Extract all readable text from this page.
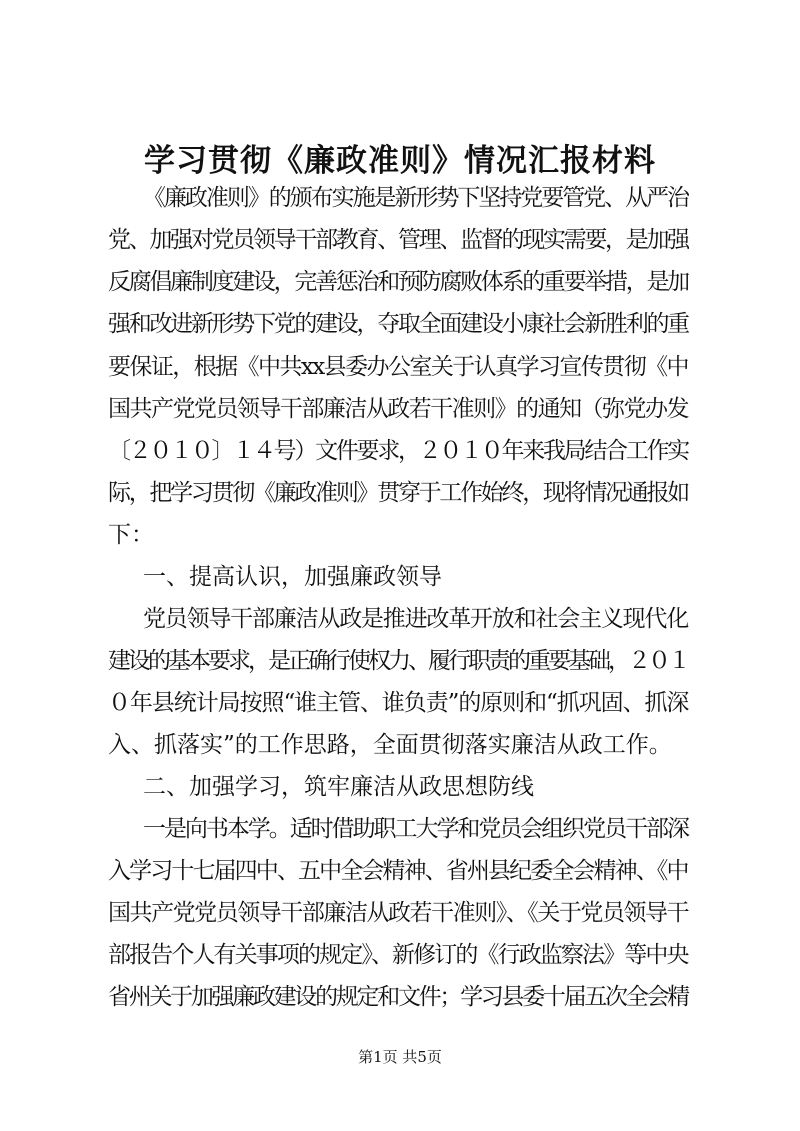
学习贯彻《廉政准则》情况汇报材料
《廉政准则》的颁布实施是新形势下坚持党要管党、从严治
党、加强对党员领导干部教育、管理、监督的现实需要，是加强
反腐倡廉制度建设，完善惩治和预防腐败体系的重要举措，是加
强和改进新形势下党的建设，夺取全面建设小康社会新胜利的重
要保证，根据《中共xx县委办公室关于认真学习宣传贯彻《中
国共产党党员领导干部廉洁从政若干准则》的通知（弥党办发
〔２０１０〕１４号）文件要求，２０１０年来我局结合工作实
际，把学习贯彻《廉政准则》贯穿于工作始终，现将情况通报如
下：
一、提高认识，加强廉政领导
党员领导干部廉洁从政是推进改革开放和社会主义现代化
建设的基本要求，是正确行使权力、履行职责的重要基础，２０１
０年县统计局按照“谁主管、谁负责”的原则和“抓巩固、抓深
入、抓落实”的工作思路，全面贯彻落实廉洁从政工作。
二、加强学习，筑牢廉洁从政思想防线
一是向书本学。适时借助职工大学和党员会组织党员干部深
入学习十七届四中、五中全会精神、省州县纪委全会精神、《中
国共产党党员领导干部廉洁从政若干准则》、《关于党员领导干
部报告个人有关事项的规定》、新修订的《行政监察法》等中央
省州关于加强廉政建设的规定和文件；学习县委十届五次全会精
第1页 共5页
